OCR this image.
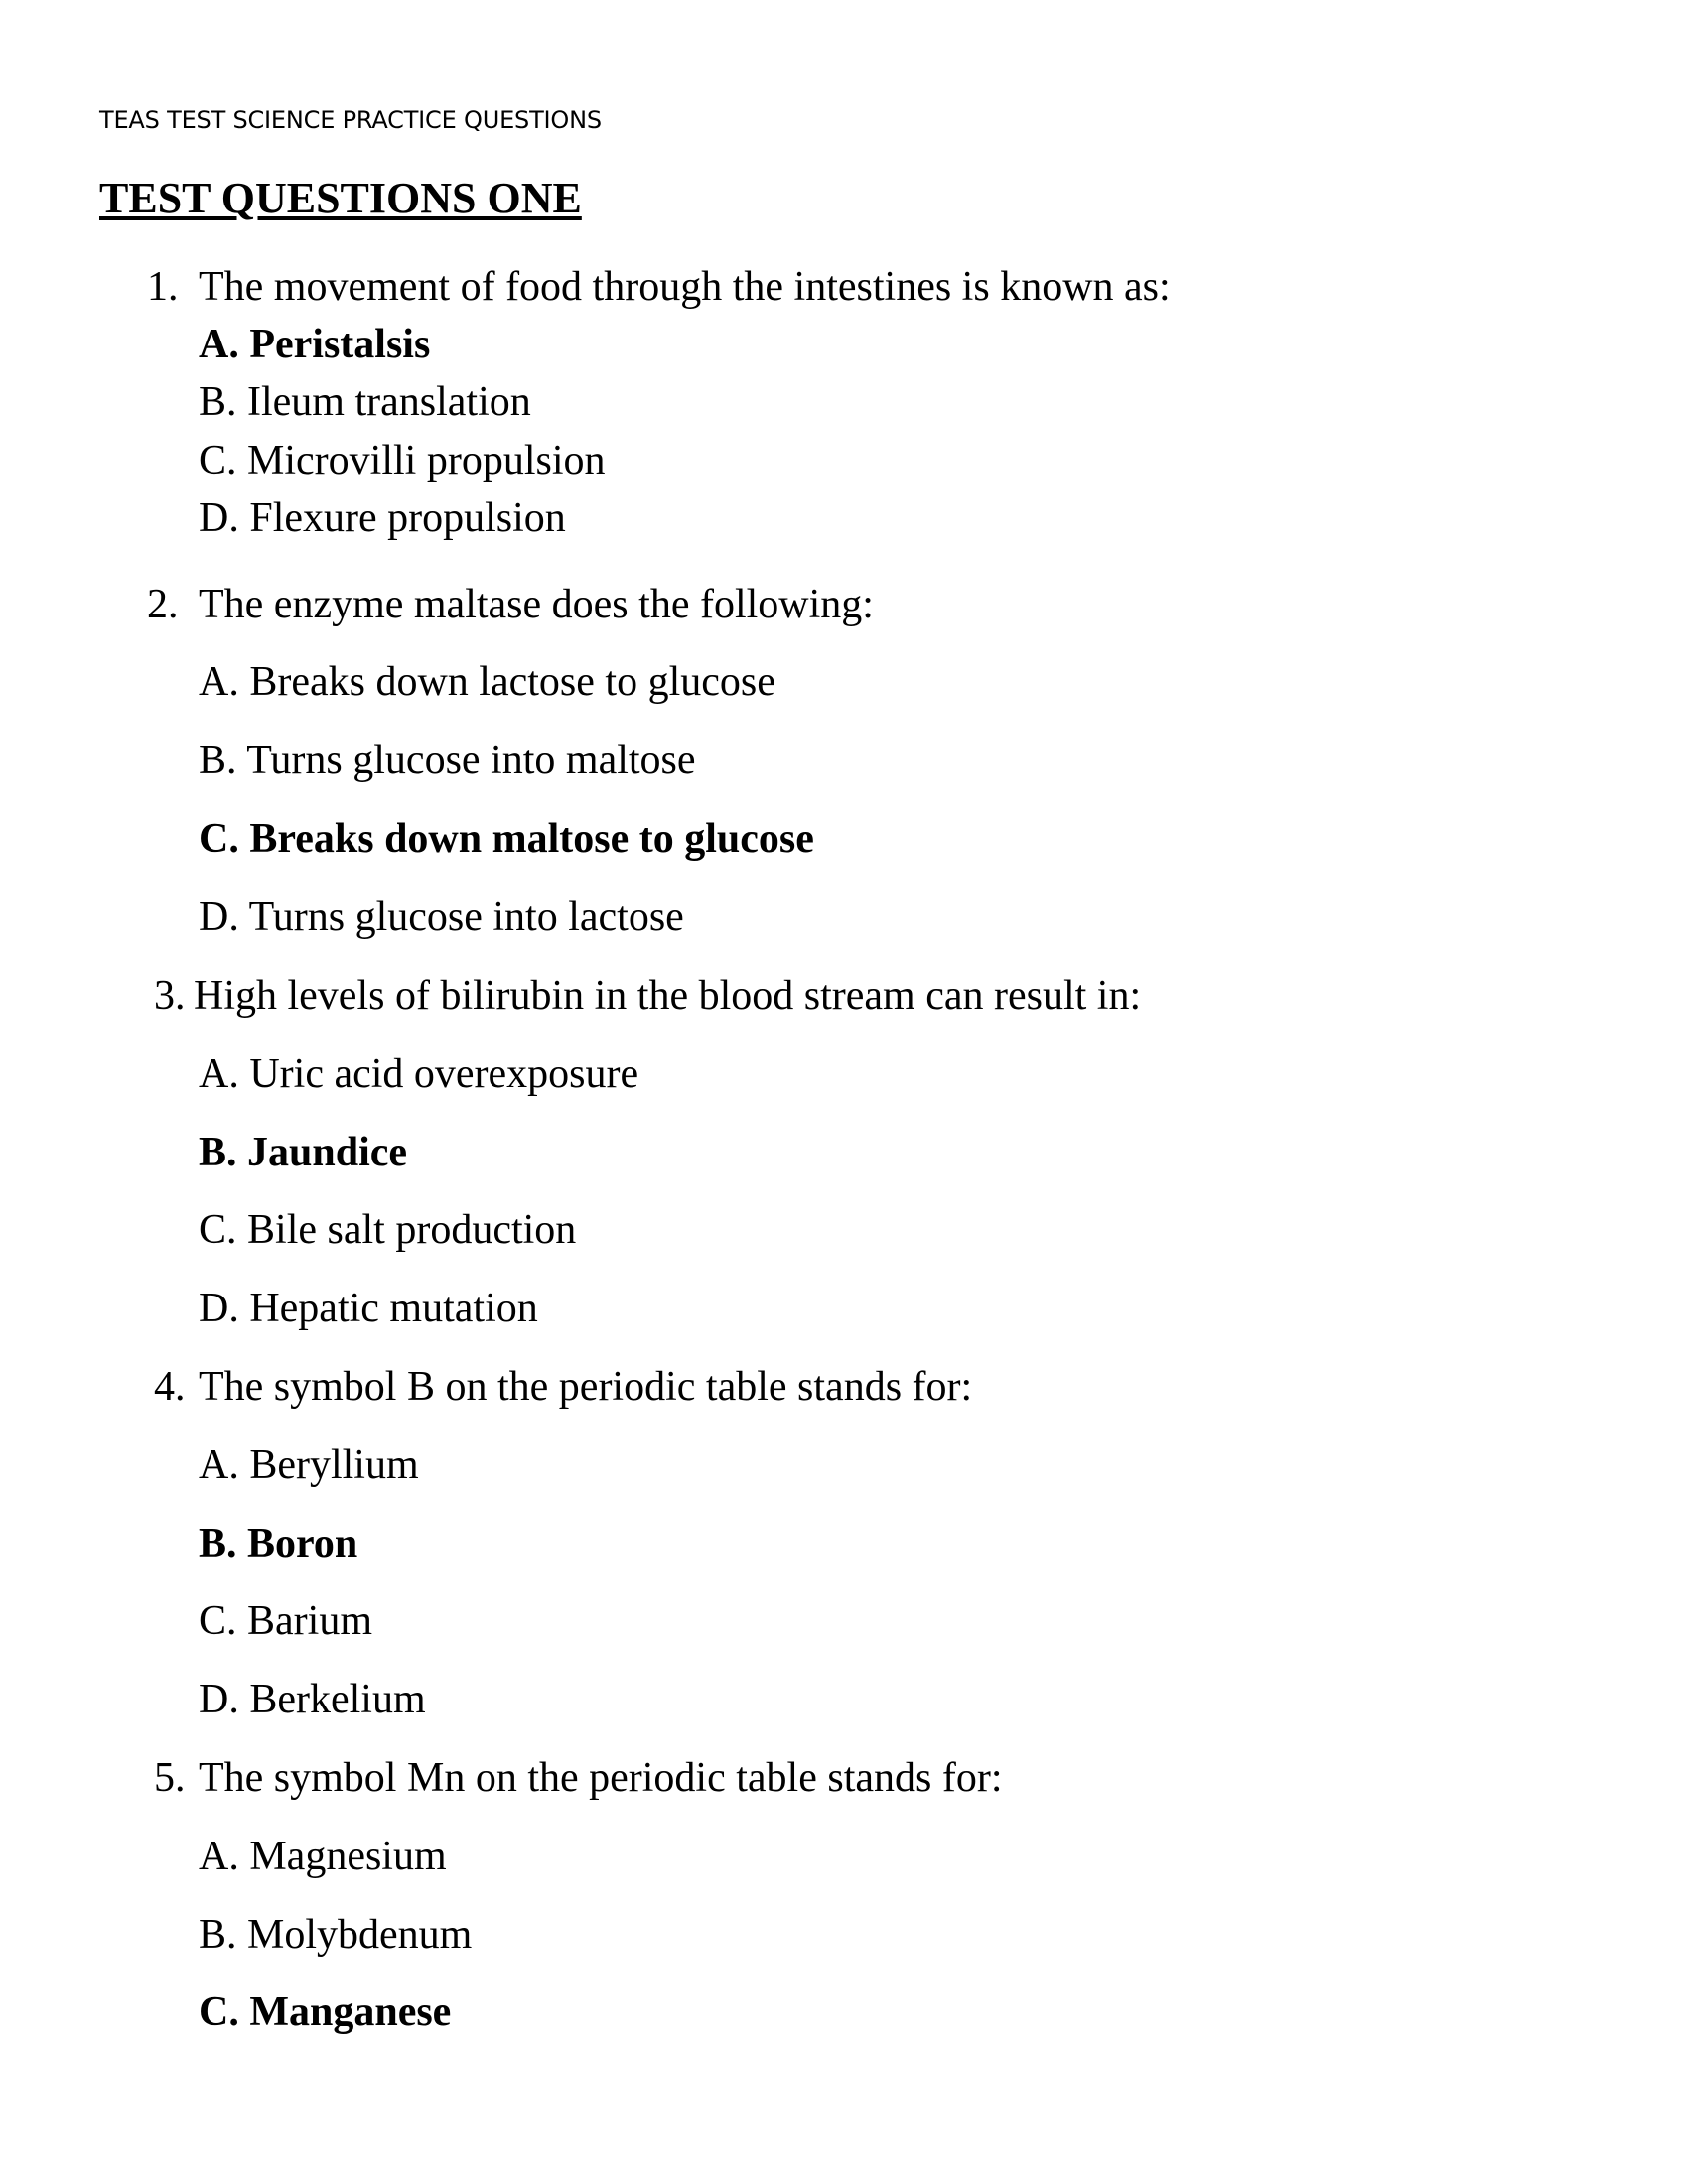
TEAS TEST SCIENCE PRACTICE QUESTIONS
TEST QUESTIONS ONE
1. The movement of food through the intestines is known as:
A. Peristalsis
B. Ileum translation
C. Microvilli propulsion
D. Flexure propulsion
2. The enzyme maltase does the following:
A. Breaks down lactose to glucose
B. Turns glucose into maltose
C. Breaks down maltose to glucose
D. Turns glucose into lactose
3. High levels of bilirubin in the blood stream can result in:
A. Uric acid overexposure
B. Jaundice
C. Bile salt production
D. Hepatic mutation
4. The symbol B on the periodic table stands for:
A. Beryllium
B. Boron
C. Barium
D. Berkelium
5. The symbol Mn on the periodic table stands for:
A. Magnesium
B. Molybdenum
C. Manganese
